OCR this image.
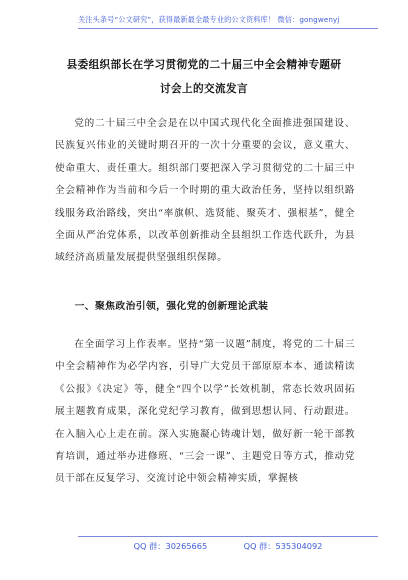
关注头条号“公文研究”，获得最新最全最专业的公文资料库！ 微信：gongwenyj
县委组织部长在学习贯彻党的二十届三中全会精神专题研
讨会上的交流发言

党的二十届三中全会是在以中国式现代化全面推进强国建设、民族复兴伟业的关键时期召开的一次十分重要的会议，意义重大、使命重大、责任重大。组织部门要把深入学习贯彻党的二十届三中全会精神作为当前和今后一个时期的重大政治任务，坚持以组织路线服务政治路线，突出“率旗帜、选贤能、聚英才、强根基”，健全全面从严治党体系，以改革创新推动全县组织工作迭代跃升，为县域经济高质量发展提供坚强组织保障。

一、聚焦政治引领，强化党的创新理论武装

在全面学习上作表率。坚持“第一议题”制度，将党的二十届三中全会精神作为必学内容，引导广大党员干部原原本本、通读精读《公报》《决定》等，健全“四个以学”长效机制，常态长效巩固拓展主题教育成果，深化党纪学习教育，做到思想认同、行动跟进。在入脑入心上走在前。深入实施凝心铸魂计划，做好新一轮干部教育培训，通过举办进修班、“三会一课”、主题党日等方式，推动党员干部在反复学习、交流讨论中领会精神实质，掌握核

QQ 群：30265665	QQ 群：535304092
